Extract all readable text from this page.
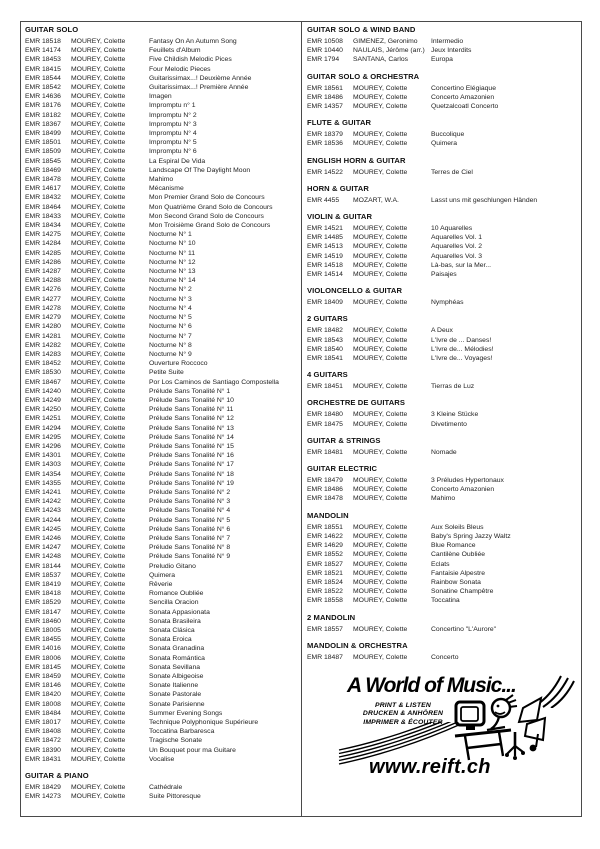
GUITAR SOLO
EMR 18518	MOUREY, Colette	Fantasy On An Autumn Song
EMR 14174	MOUREY, Colette	Feuillets d'Album
EMR 18453	MOUREY, Colette	Five Childish Melodic Pices
EMR 18415	MOUREY, Colette	Four Melodic Pieces
EMR 18544	MOUREY, Colette	Guitarissimax...! Deuxième Année
EMR 18542	MOUREY, Colette	Guitarissimax...! Première Année
EMR 14636	MOUREY, Colette	Imagen
EMR 18176	MOUREY, Colette	Impromptu n° 1
EMR 18182	MOUREY, Colette	Impromptu N° 2
EMR 18367	MOUREY, Colette	Impromptu N° 3
EMR 18499	MOUREY, Colette	Impromptu N° 4
EMR 18501	MOUREY, Colette	Impromptu N° 5
EMR 18509	MOUREY, Colette	Impromptu N° 6
EMR 18545	MOUREY, Colette	La Espiral De Vida
EMR 18469	MOUREY, Colette	Landscape Of The Daylight Moon
EMR 18478	MOUREY, Colette	Mahimo
EMR 14617	MOUREY, Colette	Mécanisme
EMR 18432	MOUREY, Colette	Mon Premier Grand Solo de Concours
EMR 18464	MOUREY, Colette	Mon Quatrième Grand Solo de Concours
EMR 18433	MOUREY, Colette	Mon Second Grand Solo de Concours
EMR 18434	MOUREY, Colette	Mon Troisième Grand Solo de Concours
EMR 14275	MOUREY, Colette	Nocturne N° 1
EMR 14284	MOUREY, Colette	Nocturne N° 10
EMR 14285	MOUREY, Colette	Nocturne N° 11
EMR 14286	MOUREY, Colette	Nocturne N° 12
EMR 14287	MOUREY, Colette	Nocturne N° 13
EMR 14288	MOUREY, Colette	Nocturne N° 14
EMR 14276	MOUREY, Colette	Nocturne N° 2
EMR 14277	MOUREY, Colette	Nocturne N° 3
EMR 14278	MOUREY, Colette	Nocturne N° 4
EMR 14279	MOUREY, Colette	Nocturne N° 5
EMR 14280	MOUREY, Colette	Nocturne N° 6
EMR 14281	MOUREY, Colette	Nocturne N° 7
EMR 14282	MOUREY, Colette	Nocturne N° 8
EMR 14283	MOUREY, Colette	Nocturne N° 9
EMR 18452	MOUREY, Colette	Ouverture Roccoco
EMR 18530	MOUREY, Colette	Petite Suite
EMR 18467	MOUREY, Colette	Por Los Caminos de Santiago Compostella
EMR 14240	MOUREY, Colette	Prélude Sans Tonalité N° 1
EMR 14249	MOUREY, Colette	Prélude Sans Tonalité N° 10
EMR 14250	MOUREY, Colette	Prélude Sans Tonalité N° 11
EMR 14251	MOUREY, Colette	Prélude Sans Tonalité N° 12
EMR 14294	MOUREY, Colette	Prélude Sans Tonalité N° 13
EMR 14295	MOUREY, Colette	Prélude Sans Tonalité N° 14
EMR 14296	MOUREY, Colette	Prélude Sans Tonalité N° 15
EMR 14301	MOUREY, Colette	Prélude Sans Tonalité N° 16
EMR 14303	MOUREY, Colette	Prélude Sans Tonalité N° 17
EMR 14354	MOUREY, Colette	Prélude Sans Tonalité N° 18
EMR 14355	MOUREY, Colette	Prélude Sans Tonalité N° 19
EMR 14241	MOUREY, Colette	Prélude Sans Tonalité N° 2
EMR 14242	MOUREY, Colette	Prélude Sans Tonalité N° 3
EMR 14243	MOUREY, Colette	Prélude Sans Tonalité N° 4
EMR 14244	MOUREY, Colette	Prélude Sans Tonalité N° 5
EMR 14245	MOUREY, Colette	Prélude Sans Tonalité N° 6
EMR 14246	MOUREY, Colette	Prélude Sans Tonalité N° 7
EMR 14247	MOUREY, Colette	Prélude Sans Tonalité N° 8
EMR 14248	MOUREY, Colette	Prélude Sans Tonalité N° 9
EMR 18144	MOUREY, Colette	Preludio Gitano
EMR 18537	MOUREY, Colette	Quimera
EMR 18419	MOUREY, Colette	Rêverie
EMR 18418	MOUREY, Colette	Romance Oubliée
EMR 18529	MOUREY, Colette	Sencilla Oracion
EMR 18147	MOUREY, Colette	Sonata Appasionata
EMR 18460	MOUREY, Colette	Sonata Brasileira
EMR 18005	MOUREY, Colette	Sonata Clásica
EMR 18455	MOUREY, Colette	Sonata Eroica
EMR 14016	MOUREY, Colette	Sonata Granadina
EMR 18006	MOUREY, Colette	Sonata Romántica
EMR 18145	MOUREY, Colette	Sonata Sevillana
EMR 18459	MOUREY, Colette	Sonate Albigeoise
EMR 18146	MOUREY, Colette	Sonate Italienne
EMR 18420	MOUREY, Colette	Sonate Pastorale
EMR 18008	MOUREY, Colette	Sonate Parisienne
EMR 18484	MOUREY, Colette	Summer Evening Songs
EMR 18017	MOUREY, Colette	Technique Polyphonique Supérieure
EMR 18408	MOUREY, Colette	Toccatina Barbaresca
EMR 18472	MOUREY, Colette	Tragische Sonate
EMR 18390	MOUREY, Colette	Un Bouquet pour ma Guitare
EMR 18431	MOUREY, Colette	Vocalise
GUITAR & PIANO
EMR 18429	MOUREY, Colette	Cathédrale
EMR 14273	MOUREY, Colette	Suite Pittoresque
GUITAR SOLO & WIND BAND
EMR 10508	GIMENEZ, Geronimo	Intermedio
EMR 10440	NAULAIS, Jérôme (arr.) Jeux Interdits
EMR 1794	SANTANA, Carlos	Europa
GUITAR SOLO & ORCHESTRA
EMR 18561	MOUREY, Colette	Concertino Elégiaque
EMR 18486	MOUREY, Colette	Concerto Amazonien
EMR 14357	MOUREY, Colette	Quetzalcoatl Concerto
FLUTE & GUITAR
EMR 18379	MOUREY, Colette	Buccolique
EMR 18536	MOUREY, Colette	Quimera
ENGLISH HORN & GUITAR
EMR 14522	MOUREY, Colette	Terres de Ciel
HORN & GUITAR
EMR 4455	MOZART, W.A.	Lasst uns mit geschlungen Händen
VIOLIN & GUITAR
EMR 14521	MOUREY, Colette	10 Aquarelles
EMR 14485	MOUREY, Colette	Aquarelles Vol. 1
EMR 14513	MOUREY, Colette	Aquarelles Vol. 2
EMR 14519	MOUREY, Colette	Aquarelles Vol. 3
EMR 14518	MOUREY, Colette	Là-bas, sur la Mer...
EMR 14514	MOUREY, Colette	Paisajes
VIOLONCELLO & GUITAR
EMR 18409	MOUREY, Colette	Nymphéas
2 GUITARS
EMR 18482	MOUREY, Colette	A Deux
EMR 18543	MOUREY, Colette	L'Ivre de ... Danses!
EMR 18540	MOUREY, Colette	L'Ivre de... Mélodies!
EMR 18541	MOUREY, Colette	L'Ivre de... Voyages!
4 GUITARS
EMR 18451	MOUREY, Colette	Tierras de Luz
ORCHESTRE DE GUITARS
EMR 18480	MOUREY, Colette	3 Kleine Stücke
EMR 18475	MOUREY, Colette	Divetimento
GUITAR & STRINGS
EMR 18481	MOUREY, Colette	Nomade
GUITAR ELECTRIC
EMR 18479	MOUREY, Colette	3 Préludes Hypertonaux
EMR 18486	MOUREY, Colette	Concerto Amazonien
EMR 18478	MOUREY, Colette	Mahimo
MANDOLIN
EMR 18551	MOUREY, Colette	Aux Soleils Bleus
EMR 14622	MOUREY, Colette	Baby's Spring Jazzy Waltz
EMR 14629	MOUREY, Colette	Blue Romance
EMR 18552	MOUREY, Colette	Cantilène Oubliée
EMR 18527	MOUREY, Colette	Eclats
EMR 18521	MOUREY, Colette	Fantaisie Alpestre
EMR 18524	MOUREY, Colette	Rainbow Sonata
EMR 18522	MOUREY, Colette	Sonatine Champêtre
EMR 18558	MOUREY, Colette	Toccatina
2 MANDOLIN
EMR 18557	MOUREY, Colette	Concertino "L'Aurore"
MANDOLIN & ORCHESTRA
EMR 18487	MOUREY, Colette	Concerto
A World of Music...
PRINT & LISTEN
DRUCKEN & ANHÖREN
IMPRIMER & ÉCOUTER
www.reift.ch
